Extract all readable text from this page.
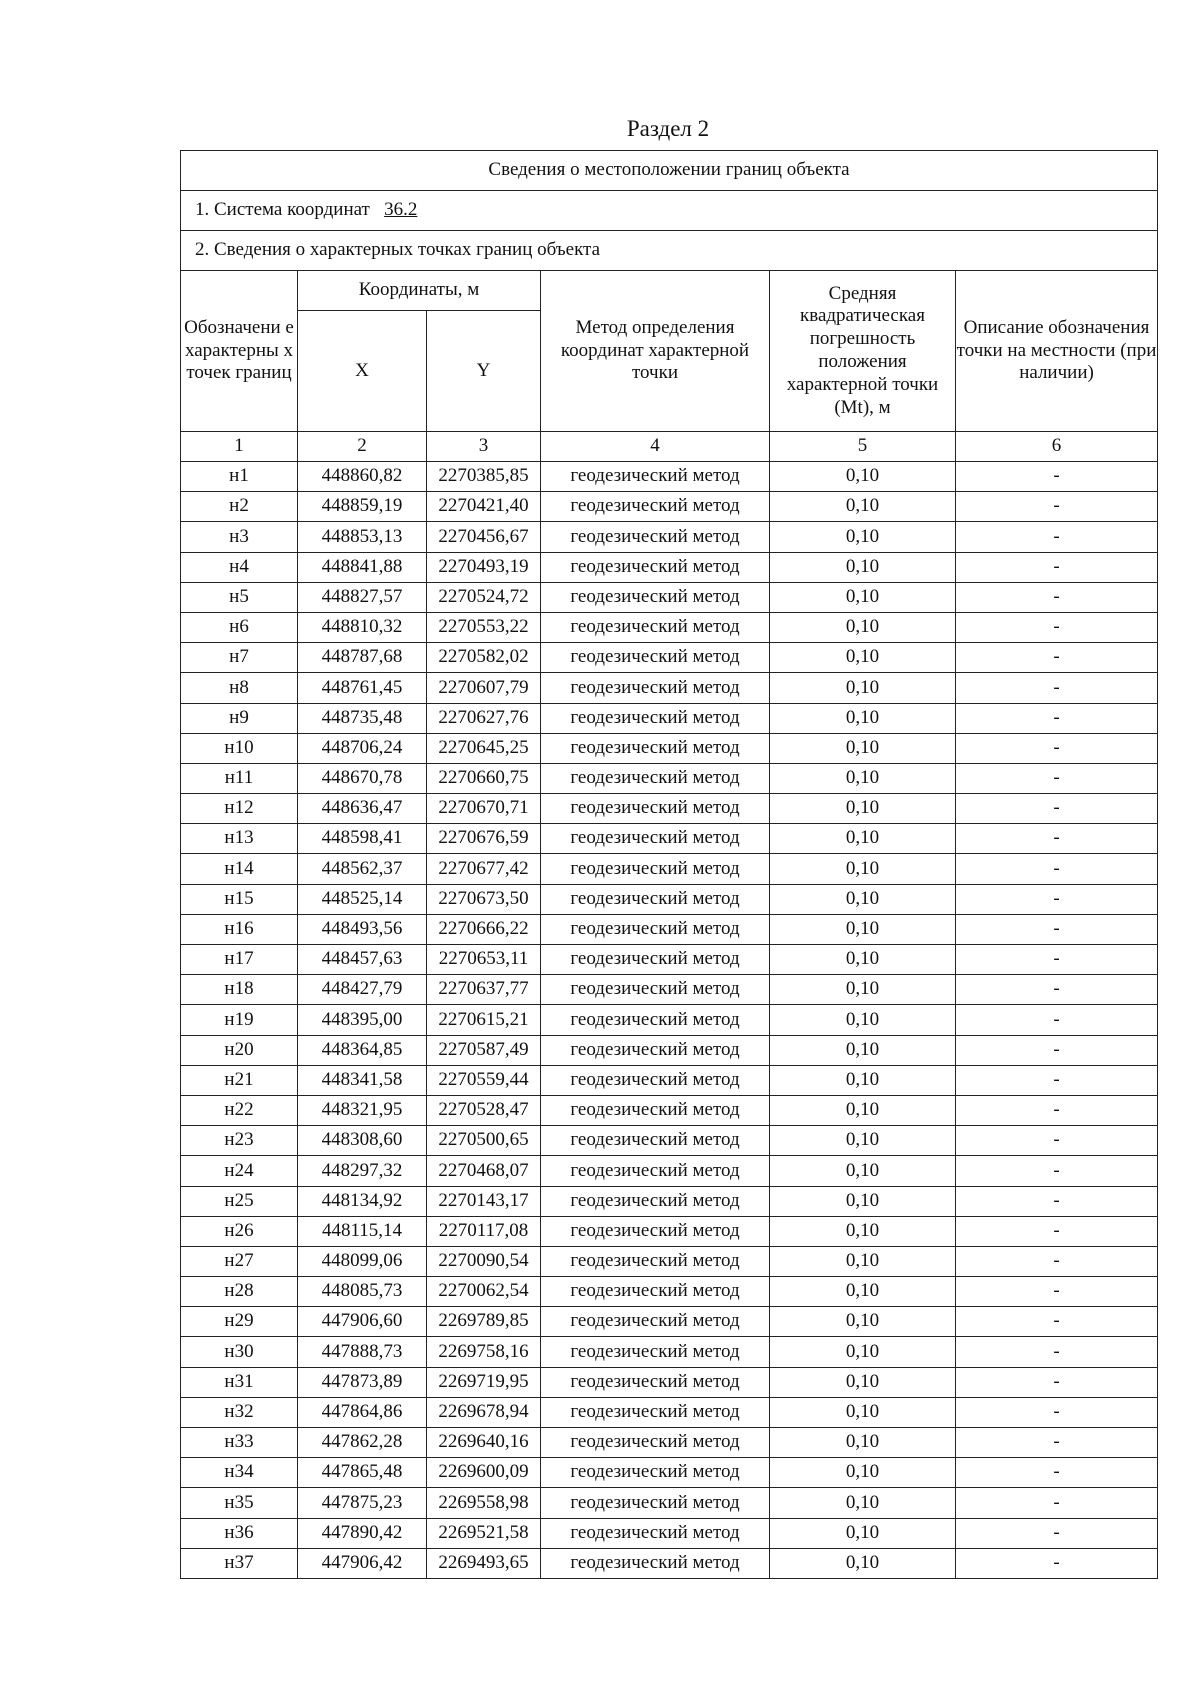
Раздел 2
Сведения о местоположении границ объекта					
1. Система координат 36.2					
2. Сведения о характерных точках границ объекта					
Обозначени е характерны х точек границ	Координаты, м		Метод определения координат характерной точки	Средняя квадратическая погрешность положения характерной точки (Mt), м	Описание обозначения точки на местности (при наличии)
	X	Y			
1	2	3	4	5	6
н1	448860,82	2270385,85	геодезический метод	0,10	-
н2	448859,19	2270421,40	геодезический метод	0,10	-
н3	448853,13	2270456,67	геодезический метод	0,10	-
н4	448841,88	2270493,19	геодезический метод	0,10	-
н5	448827,57	2270524,72	геодезический метод	0,10	-
н6	448810,32	2270553,22	геодезический метод	0,10	-
н7	448787,68	2270582,02	геодезический метод	0,10	-
н8	448761,45	2270607,79	геодезический метод	0,10	-
н9	448735,48	2270627,76	геодезический метод	0,10	-
н10	448706,24	2270645,25	геодезический метод	0,10	-
н11	448670,78	2270660,75	геодезический метод	0,10	-
н12	448636,47	2270670,71	геодезический метод	0,10	-
н13	448598,41	2270676,59	геодезический метод	0,10	-
н14	448562,37	2270677,42	геодезический метод	0,10	-
н15	448525,14	2270673,50	геодезический метод	0,10	-
н16	448493,56	2270666,22	геодезический метод	0,10	-
н17	448457,63	2270653,11	геодезический метод	0,10	-
н18	448427,79	2270637,77	геодезический метод	0,10	-
н19	448395,00	2270615,21	геодезический метод	0,10	-
н20	448364,85	2270587,49	геодезический метод	0,10	-
н21	448341,58	2270559,44	геодезический метод	0,10	-
н22	448321,95	2270528,47	геодезический метод	0,10	-
н23	448308,60	2270500,65	геодезический метод	0,10	-
н24	448297,32	2270468,07	геодезический метод	0,10	-
н25	448134,92	2270143,17	геодезический метод	0,10	-
н26	448115,14	2270117,08	геодезический метод	0,10	-
н27	448099,06	2270090,54	геодезический метод	0,10	-
н28	448085,73	2270062,54	геодезический метод	0,10	-
н29	447906,60	2269789,85	геодезический метод	0,10	-
н30	447888,73	2269758,16	геодезический метод	0,10	-
н31	447873,89	2269719,95	геодезический метод	0,10	-
н32	447864,86	2269678,94	геодезический метод	0,10	-
н33	447862,28	2269640,16	геодезический метод	0,10	-
н34	447865,48	2269600,09	геодезический метод	0,10	-
н35	447875,23	2269558,98	геодезический метод	0,10	-
н36	447890,42	2269521,58	геодезический метод	0,10	-
н37	447906,42	2269493,65	геодезический метод	0,10	-
